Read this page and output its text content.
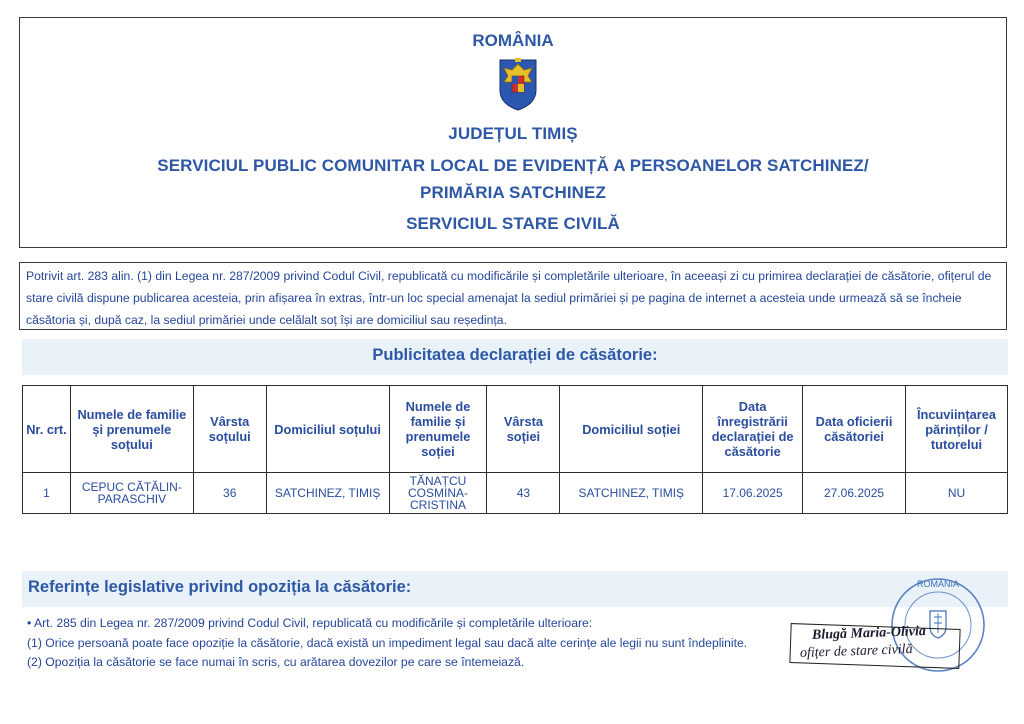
ROMÂNIA
JUDEȚUL TIMIȘ
SERVICIUL PUBLIC COMUNITAR LOCAL DE EVIDENȚĂ A PERSOANELOR SATCHINEZ/
PRIMĂRIA SATCHINEZ
SERVICIUL STARE CIVILĂ
Potrivit art. 283 alin. (1) din Legea nr. 287/2009 privind Codul Civil, republicată cu modificările și completările ulterioare, în aceeași zi cu primirea declarației de căsătorie, ofițerul de stare civilă dispune publicarea acesteia, prin afișarea în extras, într-un loc special amenajat la sediul primăriei și pe pagina de internet a acesteia unde urmează să se încheie căsătoria și, după caz, la sediul primăriei unde celălalt soț își are domiciliul sau reședința.
Publicitatea declarației de căsătorie:
Nr. crt.	Numele de familie și prenumele soțului	Vârsta soțului	Domiciliul soțului	Numele de familie și prenumele soției	Vârsta soției	Domiciliul soției	Data înregistrării declarației de căsătorie	Data oficierii căsătoriei	Încuviințarea părinților / tutorelui
1	CEPUC CĂTĂLIN-PARASCHIV	36	SATCHINEZ, TIMIȘ	TĂNAȚCU COSMINA-CRISTINA	43	SATCHINEZ, TIMIȘ	17.06.2025	27.06.2025	NU
Referințe legislative privind opoziția la căsătorie:
• Art. 285 din Legea nr. 287/2009 privind Codul Civil, republicată cu modificările și completările ulterioare:
(1) Orice persoană poate face opoziție la căsătorie, dacă există un impediment legal sau dacă alte cerințe ale legii nu sunt îndeplinite.
(2) Opoziția la căsătorie se face numai în scris, cu arătarea dovezilor pe care se întemeiază.
ROMÂNIA
Blugă Maria-Olivia
ofițer de stare civilă
